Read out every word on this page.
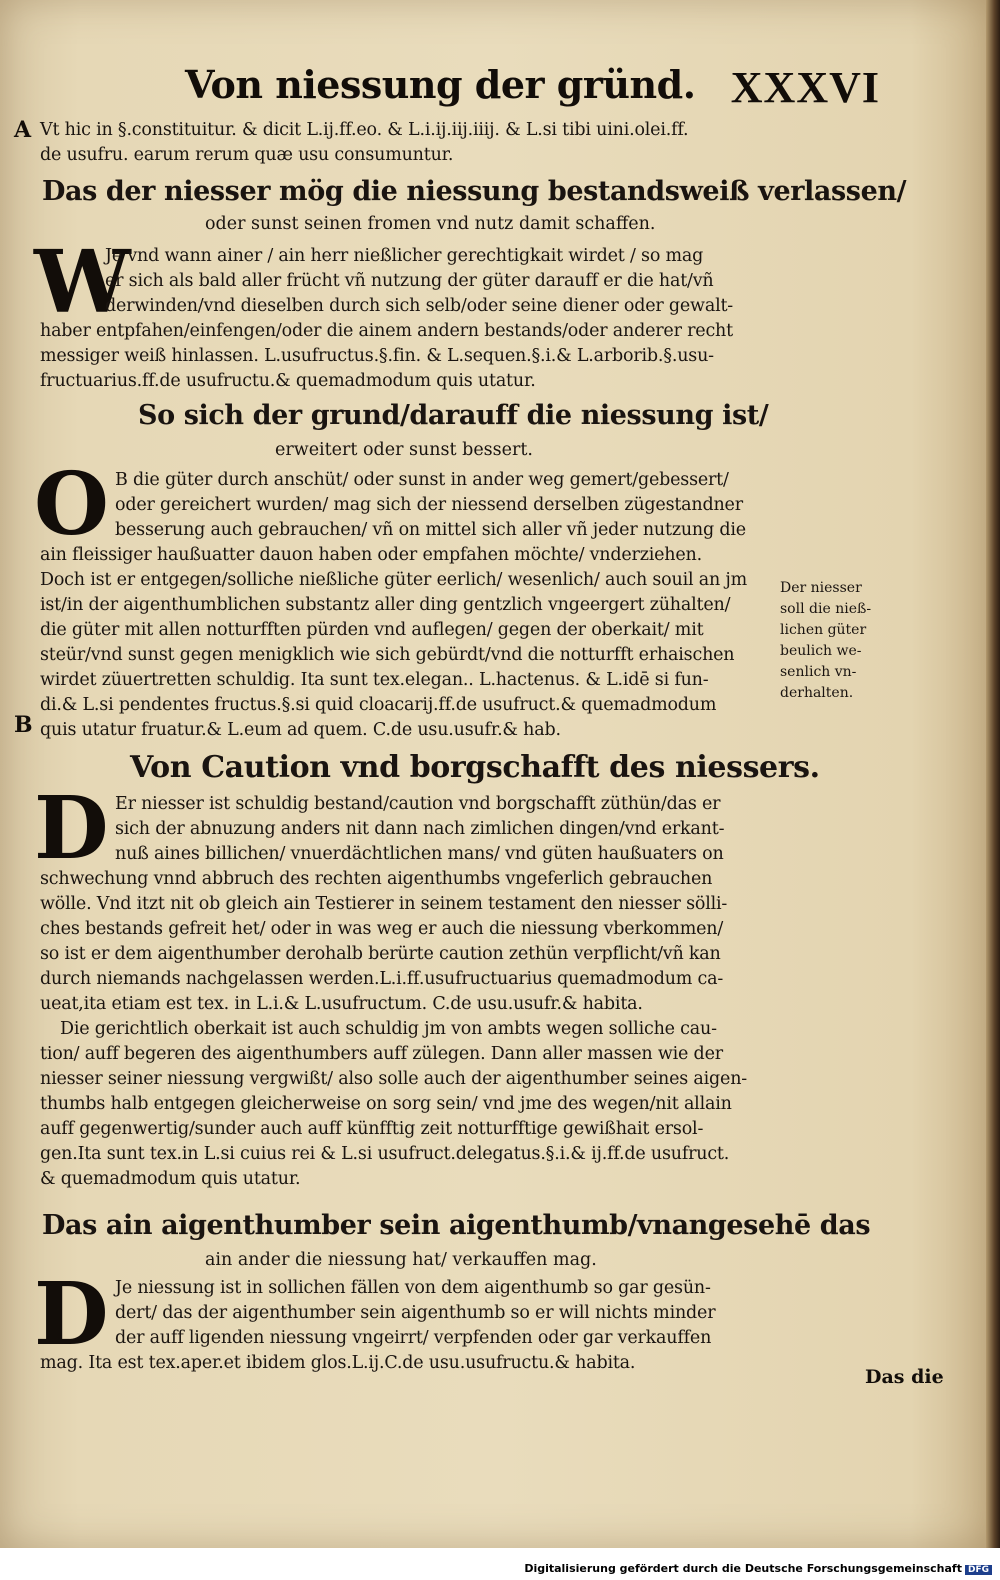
Von niessung der gründ. XXXVI
A
B
Vt hic in §.constituitur. & dicit L.ij.ff.eo. & L.i.ij.iij.iiij. & L.si tibi uini.olei.ff.
de usufru. earum rerum quæ usu consumuntur.
Das der niesser mög die niessung bestandsweiß verlassen/
oder sunst seinen fromen vnd nutz damit schaffen.
W
Je vnd wann ainer / ain herr nießlicher gerechtigkait wirdet / so mag
er sich als bald aller frücht vñ nutzung der güter darauff er die hat/vñ
derwinden/vnd dieselben durch sich selb/oder seine diener oder gewalt-
haber entpfahen/einfengen/oder die ainem andern bestands/oder anderer recht
messiger weiß hinlassen. L.usufructus.§.fin. & L.sequen.§.i.& L.arborib.§.usu-
fructuarius.ff.de usufructu.& quemadmodum quis utatur.
So sich der grund/darauff die niessung ist/
erweitert oder sunst bessert.
O B die güter durch anschüt/ oder sunst in ander weg gemert/gebessert/
oder gereichert wurden/ mag sich der niessend derselben zügestandner
besserung auch gebrauchen/ vñ on mittel sich aller vñ jeder nutzung die
ain fleissiger haußuatter dauon haben oder empfahen möchte/ vnderziehen.
Doch ist er entgegen/solliche nießliche güter eerlich/ wesenlich/ auch souil an jm
ist/in der aigenthumblichen substantz aller ding gentzlich vngeergert zühalten/
die güter mit allen notturfften pürden vnd auflegen/ gegen der oberkait/ mit
steür/vnd sunst gegen menigklich wie sich gebürdt/vnd die notturfft erhaischen
wirdet züuertretten schuldig. Ita sunt tex.elegan.. L.hactenus. & L.idē si fun-
di.& L.si pendentes fructus.§.si quid cloacarij.ff.de usufruct.& quemadmodum
quis utatur fruatur.& L.eum ad quem. C.de usu.usufr.& hab.
Der niesser
soll die nieß-
lichen güter
beulich we-
senlich vn-
derhalten.
Von Caution vnd borgschafft des niessers.
D Er niesser ist schuldig bestand/caution vnd borgschafft züthün/das er
sich der abnuzung anders nit dann nach zimlichen dingen/vnd erkant-
nuß aines billichen/ vnuerdächtlichen mans/ vnd güten haußuaters on
schwechung vnnd abbruch des rechten aigenthumbs vngeferlich gebrauchen
wölle. Vnd itzt nit ob gleich ain Testierer in seinem testament den niesser sölli-
ches bestands gefreit het/ oder in was weg er auch die niessung vberkommen/
so ist er dem aigenthumber derohalb berürte caution zethün verpflicht/vñ kan
durch niemands nachgelassen werden.L.i.ff.usufructuarius quemadmodum ca-
ueat,ita etiam est tex. in L.i.& L.usufructum. C.de usu.usufr.& habita.
Die gerichtlich oberkait ist auch schuldig jm von ambts wegen solliche cau-
tion/ auff begeren des aigenthumbers auff zülegen. Dann aller massen wie der
niesser seiner niessung vergwißt/ also solle auch der aigenthumber seines aigen-
thumbs halb entgegen gleicherweise on sorg sein/ vnd jme des wegen/nit allain
auff gegenwertig/sunder auch auff künfftig zeit notturfftige gewißhait ersol-
gen.Ita sunt tex.in L.si cuius rei & L.si usufruct.delegatus.§.i.& ij.ff.de usufruct.
& quemadmodum quis utatur.
Das ain aigenthumber sein aigenthumb/vnangesehē das
ain ander die niessung hat/ verkauffen mag.
D Je niessung ist in sollichen fällen von dem aigenthumb so gar gesün-
dert/ das der aigenthumber sein aigenthumb so er will nichts minder
der auff ligenden niessung vngeirrt/ verpfenden oder gar verkauffen
mag. Ita est tex.aper.et ibidem glos.L.ij.C.de usu.usufructu.& habita.
Das die
Digitalisierung gefördert durch die Deutsche Forschungsgemeinschaft DFG
